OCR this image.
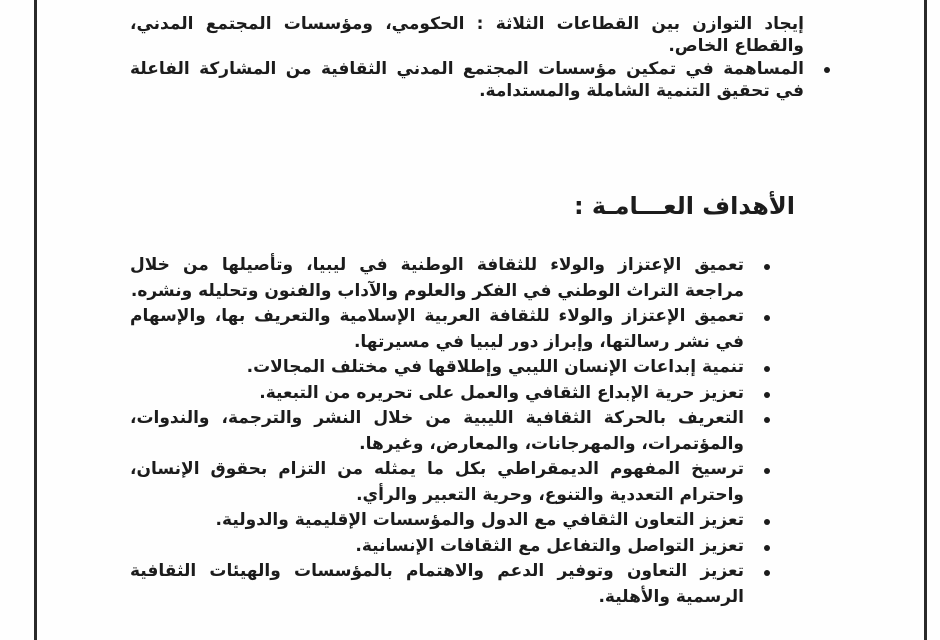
إيجاد التوازن بين القطاعات الثلاثة : الحكومي، ومؤسسات المجتمع المدني، والقطاع الخاص.
المساهمة في تمكين مؤسسات المجتمع المدني الثقافية من المشاركة الفاعلة في تحقيق التنمية الشاملة والمستدامة.
الأهداف العـــامـة :
تعميق الإعتزاز والولاء للثقافة الوطنية في ليبيا، وتأصيلها من خلال مراجعة التراث الوطني في الفكر والعلوم والآداب والفنون وتحليله ونشره.
تعميق الإعتزاز والولاء للثقافة العربية الإسلامية والتعريف بها، والإسهام في نشر رسالتها، وإبراز دور ليبيا في مسيرتها.
تنمية إبداعات الإنسان الليبي وإطلاقها في مختلف المجالات.
تعزيز حرية الإبداع الثقافي والعمل على تحريره من التبعية.
التعريف بالحركة الثقافية الليبية من خلال النشر والترجمة، والندوات، والمؤتمرات، والمهرجانات، والمعارض، وغيرها.
ترسيخ المفهوم الديمقراطي بكل ما يمثله من التزام بحقوق الإنسان، واحترام التعددية والتنوع، وحرية التعبير والرأي.
تعزيز التعاون الثقافي مع الدول والمؤسسات الإقليمية والدولية.
تعزيز التواصل والتفاعل مع الثقافات الإنسانية.
تعزيز التعاون وتوفير الدعم والاهتمام بالمؤسسات والهيئات الثقافية الرسمية والأهلية.
